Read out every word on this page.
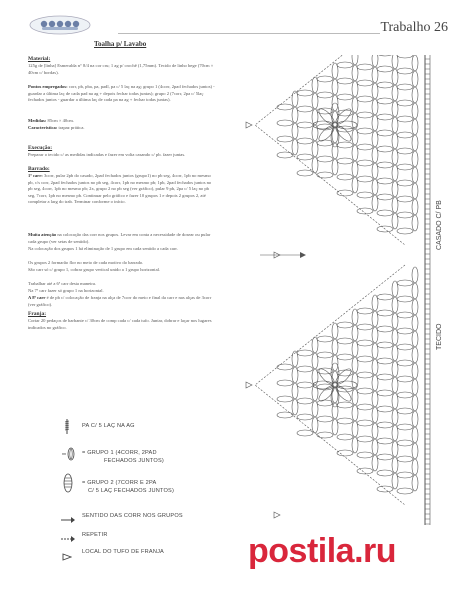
Trabalho 26
Toalha p/ Lavabo
Material:

125g de [linha] Esmeralda n° 8/4 na cor cru; 1 ag p/ crochê (1,75mm). Tecido de linho bege (70cm × 40cm c/ bordas).

Pontos empregados: corr, pb, pba, pa, padl, pa c/ 5 laç na ag; grupo 1 (4corr, 2pad fechados juntos) - guardar a última laç de cada pad na ag + depois fechar todas juntas); grupo 2 (7corr, 2pa c/ 5laç fechados juntos - guardar a última laç de cada pa na ag + fechar todas juntas).

Medidas: 85cm × 40cm.

Característica: trapaz prática.

Execução:

Preparar o tecido c/ as medidas indicadas e fazer em volta casando c/ pb. fazer juntas.

Barrado:

1ª carr: 3corr, pular 2pb do casado, 2pad fechados juntos (grupo1) no pb seg, 4corr, 1pb no mesmo pb, c/s corr, 2pad fechados juntos no pb seg, 4corr, 1pb no mesmo pb; 1pb, 2pad fechados juntos no pb seg, 4corr, 1pb no mesmo pb; 2x, grupo 2 no pb seg (ver gráfico), pular 9 pb, 2pa c/ 5 laç no pb seg, 7corr, 1pb no mesmo pb. Continuar pelo gráfico e fazer 10 grupos 1 e depois 2 grupos 2, até completar a larg do trab. Terminar conforme o início.

Muita atenção na colocação das corr nos grupos. Levar em conta a necessidade de dosear ou pular cada grupo (ver setas de sentido).

Na colocação dos grupos 1 há eliminação de 1 grupo em cada sentido a cada carr.

Os grupos 2 formarão flor no meio de cada motivo do barrado.

São carr só c/ grupo 1, cobrar grupo vertical unido a 1 grupo horizontal.

Trabalhar até a 6ª carr desta maneira.

Na 7ª carr fazer só grupo 1 na horizontal.

A 8ª carr é de pb c/ colocação de franja na alça de 7corr do meio e final da carr e nas alças de 3corr (ver gráfico).

Franja:

Cortar 20 pedaços de barbante c/ 30cm de comp cada c/ cada tufo. Juntar, dobrar e laçar nos lugares indicados no gráfico.

PA C/ 5 LAÇ NA AG
= GRUPO 1 (4CORR, 2PAD
FECHADOS JUNTOS)
= GRUPO 2 (7CORR E 2PA
C/ 5 LAÇ FECHADOS JUNTOS)
SENTIDO DAS CORR NOS GRUPOS
REPETIR
LOCAL DO TUFO DE FRANJA
CASADO C/ PB
TECIDO
postila.ru
